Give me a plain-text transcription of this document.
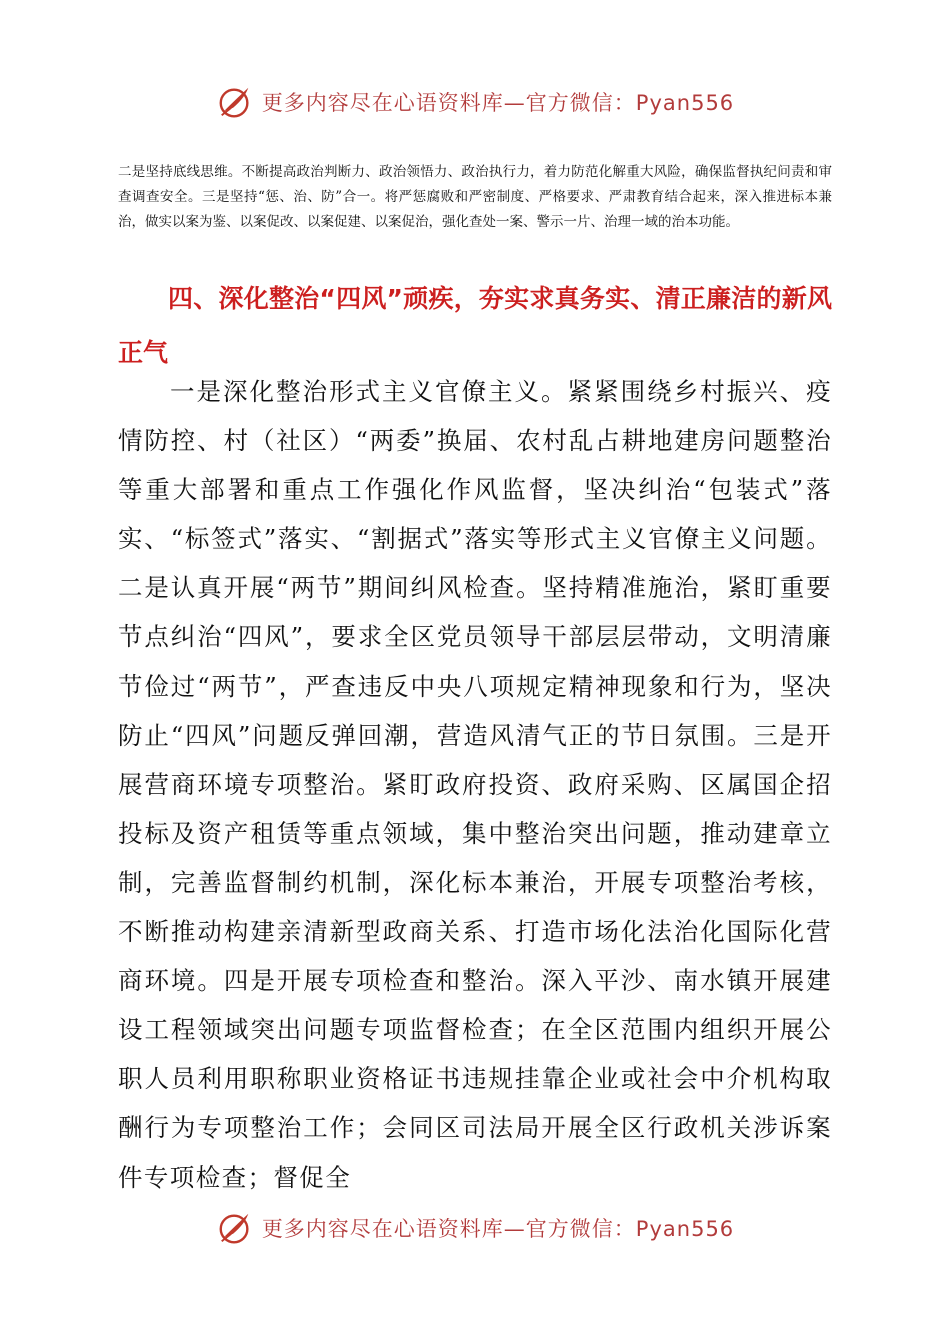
更多内容尽在心语资料库—官方微信：Pyan556
二是坚持底线思维。不断提高政治判断力、政治领悟力、政治执行力，着力防范化解重大风险，确保监督执纪问责和审查调查安全。三是坚持“惩、治、防”合一。将严惩腐败和严密制度、严格要求、严肃教育结合起来，深入推进标本兼治，做实以案为鉴、以案促改、以案促建、以案促治，强化查处一案、警示一片、治理一域的治本功能。
四、深化整治“四风”顽疾，夯实求真务实、清正廉洁的新风正气

一是深化整治形式主义官僚主义。紧紧围绕乡村振兴、疫情防控、村（社区）“两委”换届、农村乱占耕地建房问题整治等重大部署和重点工作强化作风监督，坚决纠治“包装式”落实、“标签式”落实、“割据式”落实等形式主义官僚主义问题。二是认真开展“两节”期间纠风检查。坚持精准施治，紧盯重要节点纠治“四风”，要求全区党员领导干部层层带动，文明清廉节俭过“两节”，严查违反中央八项规定精神现象和行为，坚决防止“四风”问题反弹回潮，营造风清气正的节日氛围。三是开展营商环境专项整治。紧盯政府投资、政府采购、区属国企招投标及资产租赁等重点领域，集中整治突出问题，推动建章立制，完善监督制约机制，深化标本兼治，开展专项整治考核，不断推动构建亲清新型政商关系、打造市场化法治化国际化营商环境。四是开展专项检查和整治。深入平沙、南水镇开展建设工程领域突出问题专项监督检查；在全区范围内组织开展公职人员利用职称职业资格证书违规挂靠企业或社会中介机构取酬行为专项整治工作；会同区司法局开展全区行政机关涉诉案件专项检查；督促全

更多内容尽在心语资料库—官方微信：Pyan556
